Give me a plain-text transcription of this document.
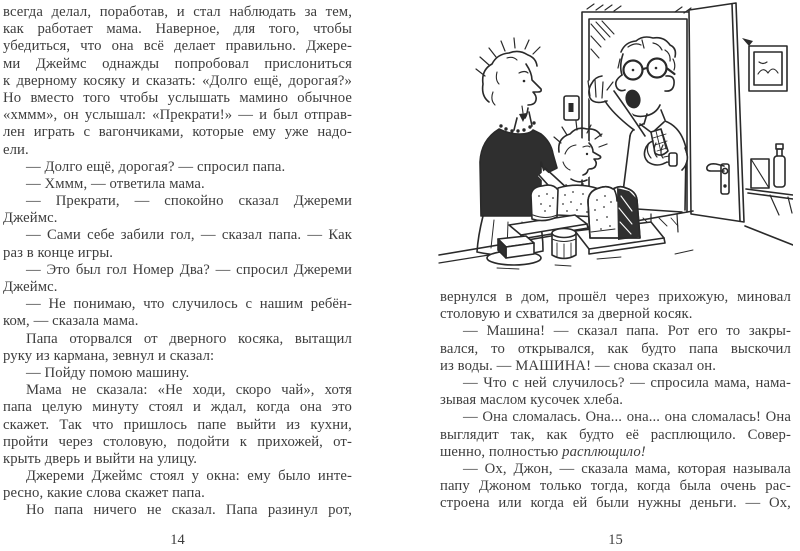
всегда делал, поработав, и стал наблюдать за тем,
как работает мама. Наверное, для того, чтобы
убедиться, что она всё делает правильно. Джере-
ми Джеймс однажды попробовал прислониться
к дверному косяку и сказать: «Долго ещё, дорогая?»
Но вместо того чтобы услышать мамино обычное
«хммм», он услышал: «Прекрати!» — и был отправ-
лен играть с вагончиками, которые ему уже надо-
ели.
— Долго ещё, дорогая? — спросил папа.
— Хммм, — ответила мама.
— Прекрати, — спокойно сказал Джереми
Джеймс.
— Сами себе забили гол, — сказал папа. — Как
раз в конце игры.
— Это был гол Номер Два? — спросил Джереми
Джеймс.
— Не понимаю, что случилось с нашим ребён-
ком, — сказала мама.
Папа оторвался от дверного косяка, вытащил
руку из кармана, зевнул и сказал:
— Пойду помою машину.
Мама не сказала: «Не ходи, скоро чай», хотя
папа целую минуту стоял и ждал, когда она это
скажет. Так что пришлось папе выйти из кухни,
пройти через столовую, подойти к прихожей, от-
крыть дверь и выйти на улицу.
Джереми Джеймс стоял у окна: ему было инте-
ресно, какие слова скажет папа.
Но папа ничего не сказал. Папа разинул рот,
14
вернулся в дом, прошёл через прихожую, миновал
столовую и схватился за дверной косяк.
— Машина! — сказал папа. Рот его то закры-
вался, то открывался, как будто папа выскочил
из воды. — МАШИНА! — снова сказал он.
— Что с ней случилось? — спросила мама, нама-
зывая маслом кусочек хлеба.
— Она сломалась. Она... она... она сломалась! Она
выглядит так, как будто её расплющило. Совер-
шенно, полностью расплющило!
— Ох, Джон, — сказала мама, которая называла
папу Джоном только тогда, когда была очень рас-
строена или когда ей были нужны деньги. — Ох,
15
